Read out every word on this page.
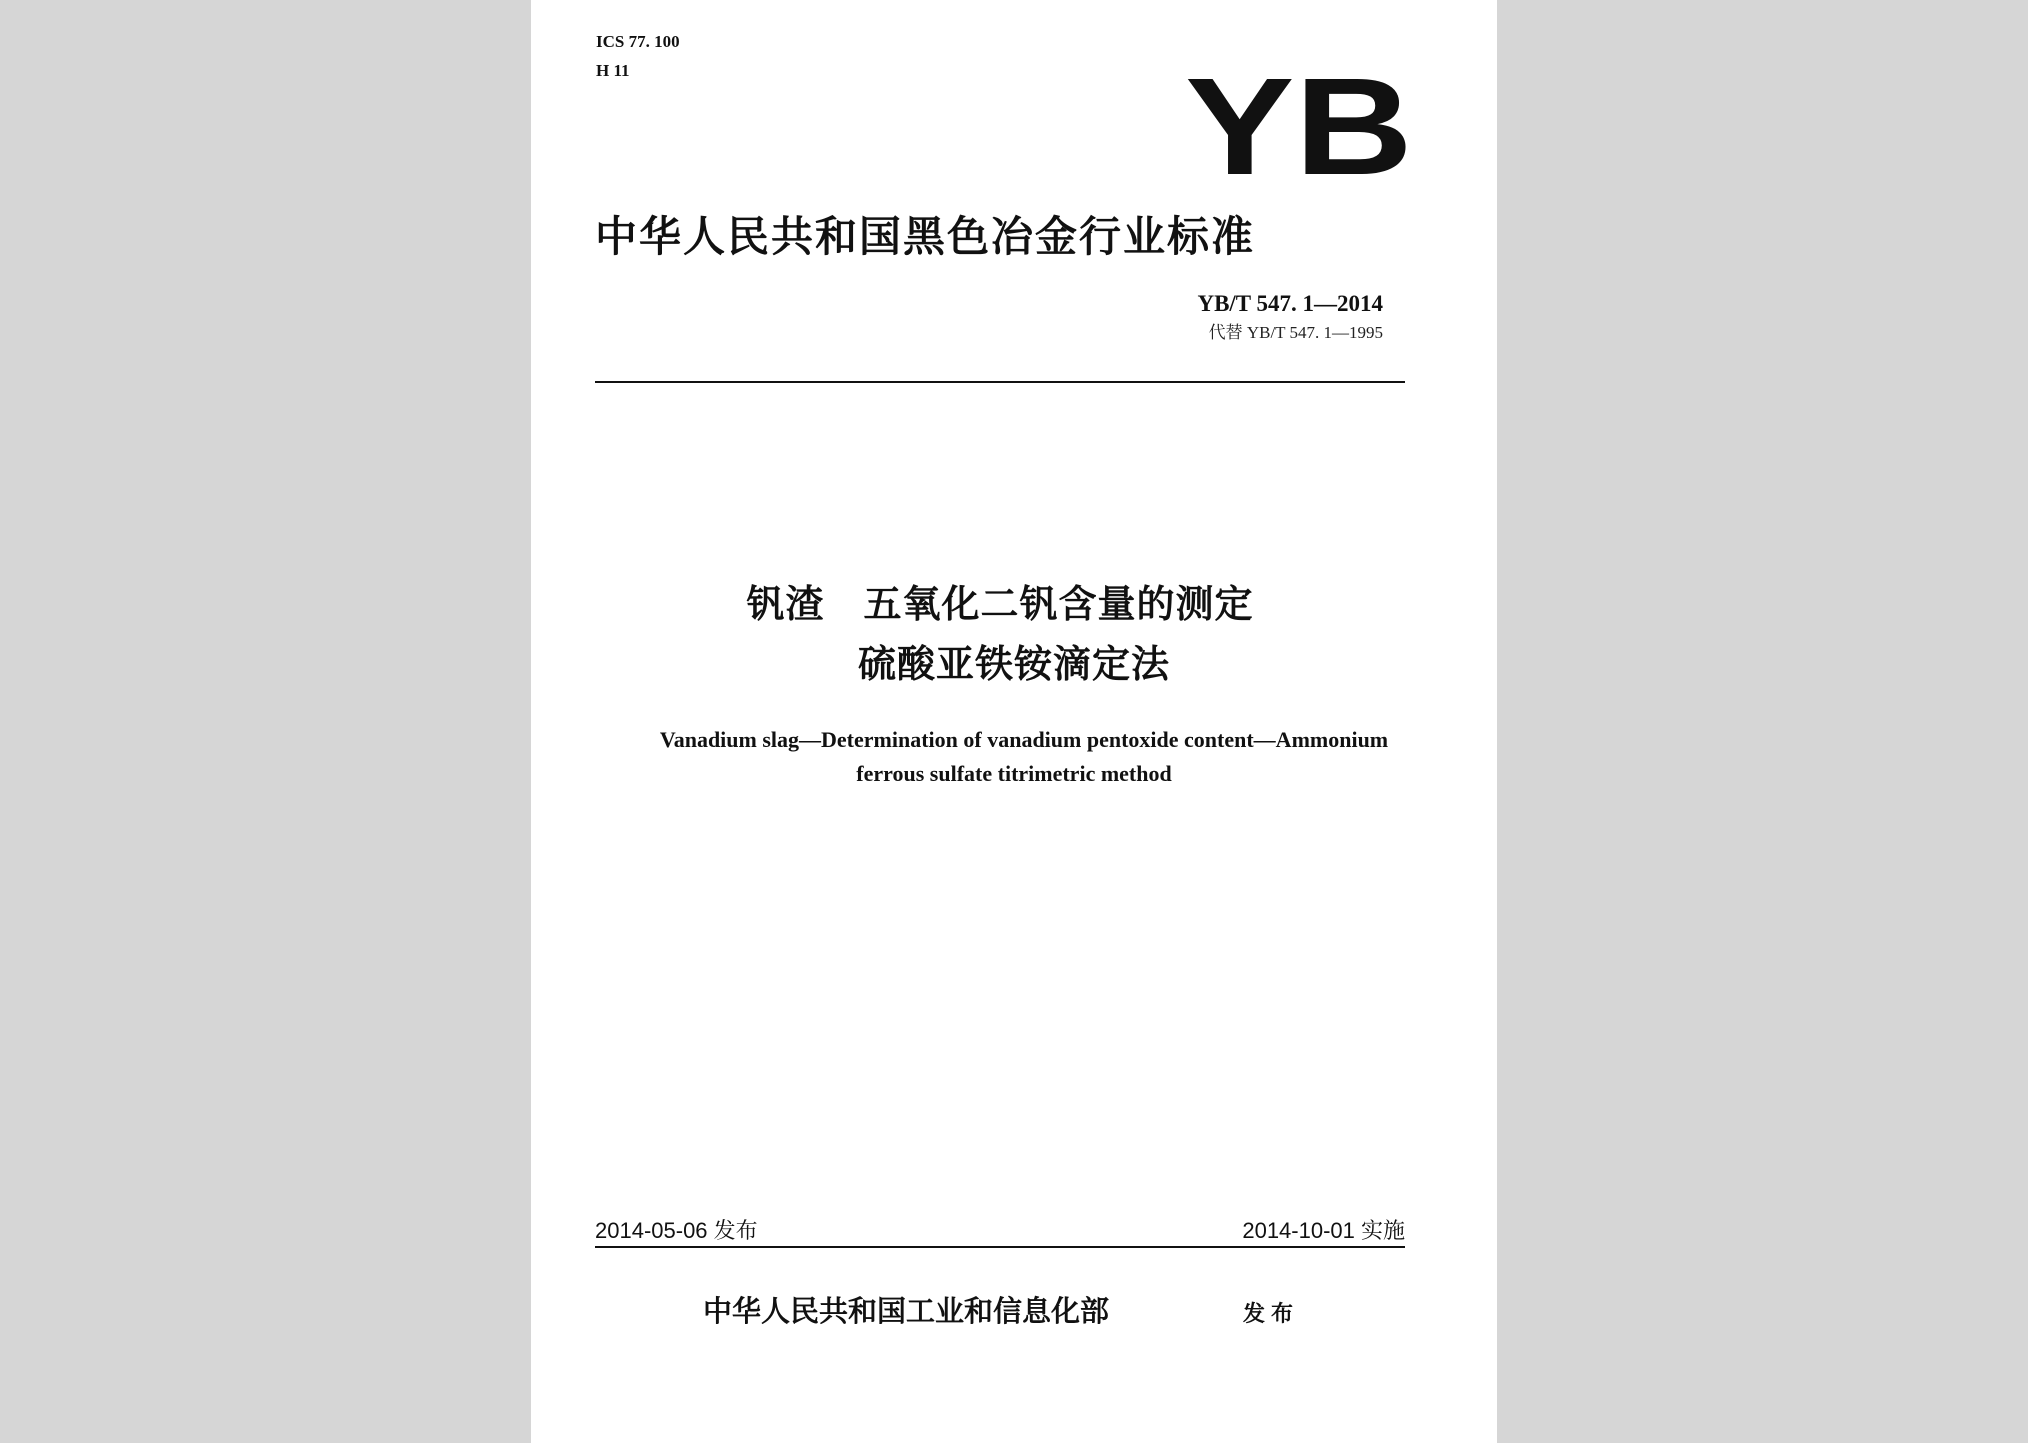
ICS 77. 100

H 11	YB

中华人民共和国黑色冶金行业标准

YB/T 547. 1—2014

代替 YB/T 547. 1—1995

钒渣　五氧化二钒含量的测定

硫酸亚铁铵滴定法

Vanadium slag—Determination of vanadium pentoxide content—Ammonium

ferrous sulfate titrimetric method

2014-05-06 发布	2014-10-01 实施

中华人民共和国工业和信息化部	发布
